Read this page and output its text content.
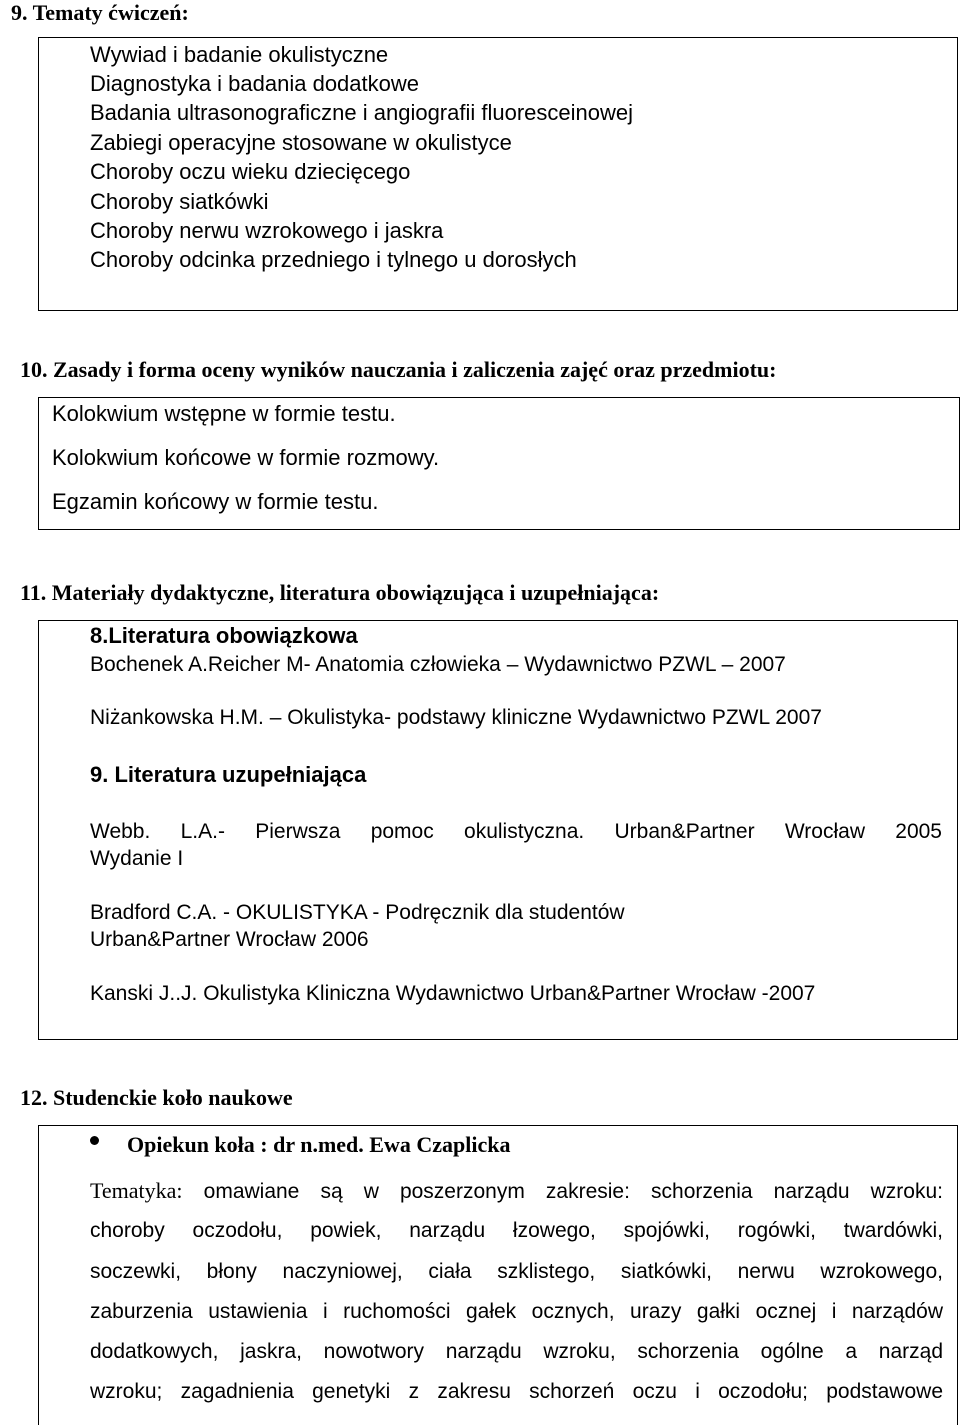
9. Tematy ćwiczeń:
Wywiad i badanie okulistyczne
Diagnostyka i badania dodatkowe
Badania ultrasonograficzne i angiografii fluoresceinowej
Zabiegi operacyjne stosowane w okulistyce
Choroby oczu wieku dziecięcego
Choroby siatkówki
Choroby nerwu wzrokowego i jaskra
Choroby odcinka przedniego i tylnego u dorosłych
10. Zasady i forma oceny wyników nauczania i zaliczenia zajęć oraz przedmiotu:
Kolokwium wstępne w formie testu.
Kolokwium końcowe w formie rozmowy.
Egzamin końcowy w formie testu.
11. Materiały dydaktyczne, literatura obowiązująca i uzupełniająca:
8.Literatura obowiązkowa
Bochenek A.Reicher M- Anatomia człowieka – Wydawnictwo PZWL – 2007
Niżankowska H.M. – Okulistyka- podstawy kliniczne Wydawnictwo PZWL 2007
9. Literatura uzupełniająca
Webb. L.A.- Pierwsza pomoc okulistyczna. Urban&Partner Wrocław 2005
Wydanie I
Bradford C.A. - OKULISTYKA - Podręcznik dla studentów
Urban&Partner Wrocław 2006
Kanski J..J. Okulistyka Kliniczna Wydawnictwo Urban&Partner Wrocław -2007
12. Studenckie koło naukowe
Opiekun koła : dr n.med. Ewa Czaplicka
Tematyka: omawiane są w poszerzonym zakresie: schorzenia narządu wzroku:
choroby oczodołu, powiek, narządu łzowego, spojówki, rogówki, twardówki,
soczewki, błony naczyniowej, ciała szklistego, siatkówki, nerwu wzrokowego,
zaburzenia ustawienia i ruchomości gałek ocznych, urazy gałki ocznej i narządów
dodatkowych, jaskra, nowotwory narządu wzroku, schorzenia ogólne a narząd
wzroku; zagadnienia genetyki z zakresu schorzeń oczu i oczodołu; podstawowe
